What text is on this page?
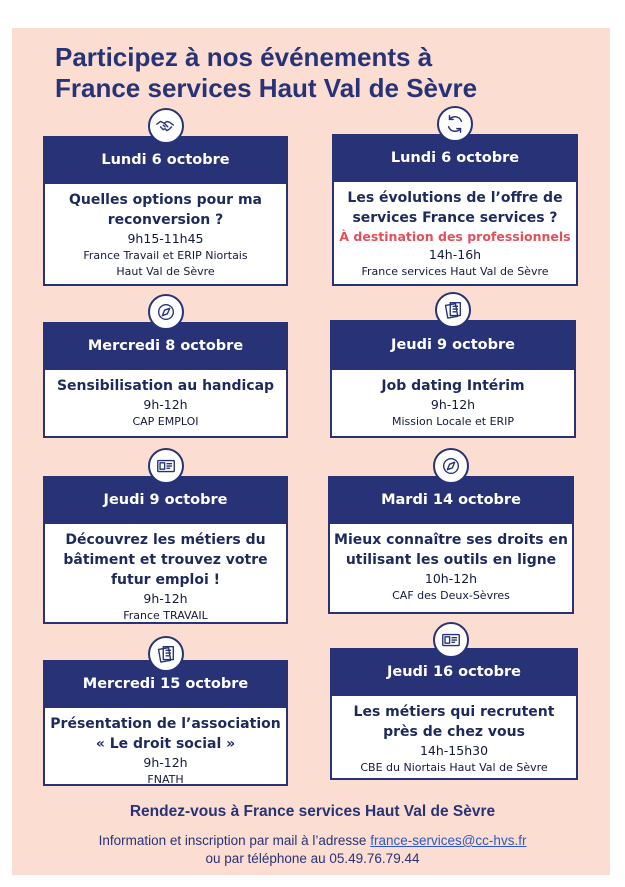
Participez à nos événements à
France services Haut Val de Sèvre
Lundi 6 octobre
Quelles options pour ma
reconversion ?
9h15-11h45
France Travail et ERIP Niortais
Haut Val de Sèvre
Lundi 6 octobre
Les évolutions de l’offre de
services France services ?
À destination des professionnels
14h-16h
France services Haut Val de Sèvre
Mercredi 8 octobre
Sensibilisation au handicap
9h-12h
CAP EMPLOI
Jeudi 9 octobre
Job dating Intérim
9h-12h
Mission Locale et ERIP
Jeudi 9 octobre
Découvrez les métiers du
bâtiment et trouvez votre
futur emploi !
9h-12h
France TRAVAIL
Mardi 14 octobre
Mieux connaître ses droits en
utilisant les outils en ligne
10h-12h
CAF des Deux-Sèvres
Mercredi 15 octobre
Présentation de l’association
« Le droit social »
9h-12h
FNATH
Jeudi 16 octobre
Les métiers qui recrutent
près de chez vous
14h-15h30
CBE du Niortais Haut Val de Sèvre
Rendez-vous à France services Haut Val de Sèvre
Information et inscription par mail à l’adresse france-services@cc-hvs.fr
ou par téléphone au 05.49.76.79.44
